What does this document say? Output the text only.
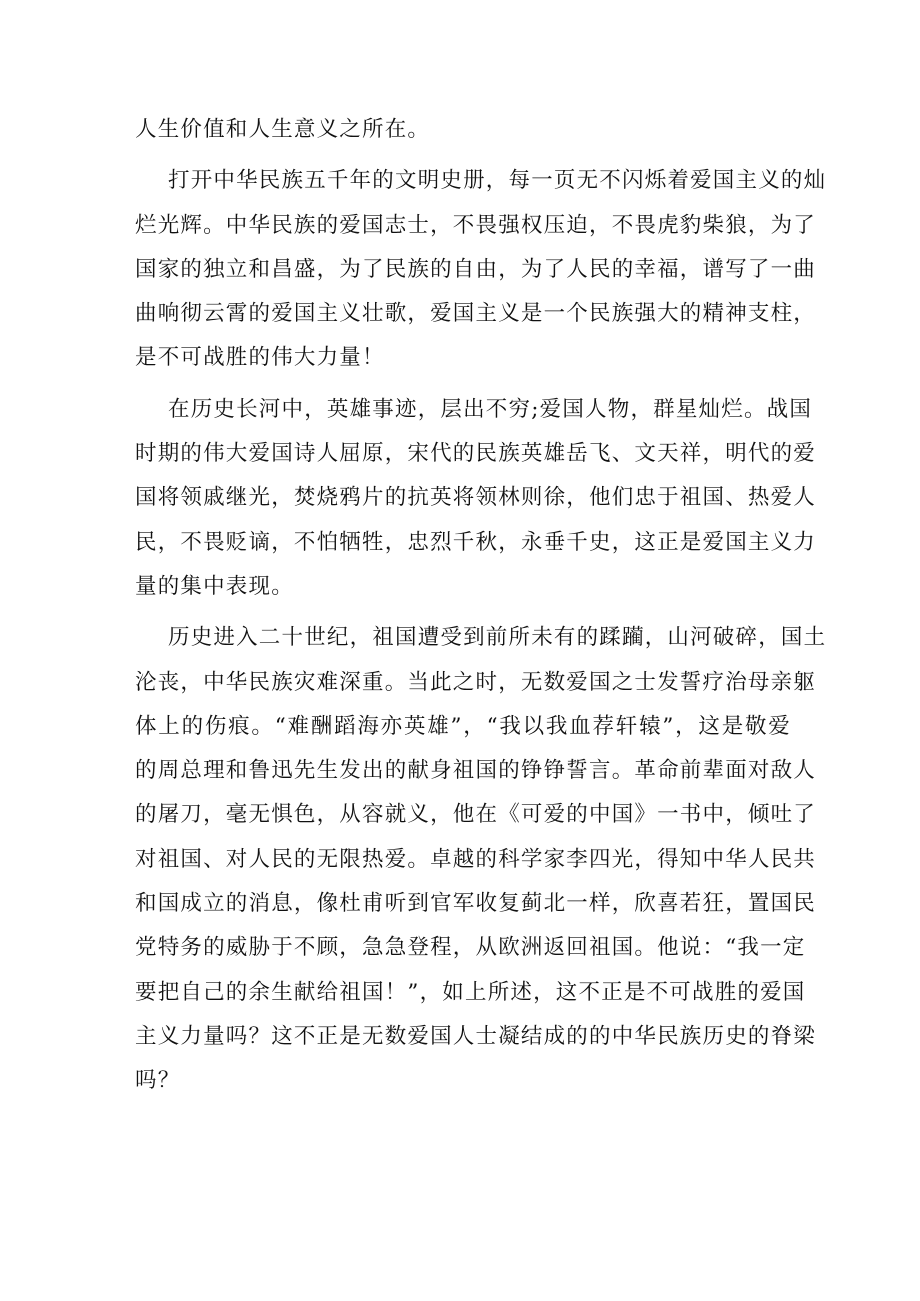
人生价值和人生意义之所在。
打开中华民族五千年的文明史册，每一页无不闪烁着爱国主义的灿
烂光辉。中华民族的爱国志士，不畏强权压迫，不畏虎豹柴狼，为了
国家的独立和昌盛，为了民族的自由，为了人民的幸福，谱写了一曲
曲响彻云霄的爱国主义壮歌，爱国主义是一个民族强大的精神支柱，
是不可战胜的伟大力量！
在历史长河中，英雄事迹，层出不穷;爱国人物，群星灿烂。战国
时期的伟大爱国诗人屈原，宋代的民族英雄岳飞、文天祥，明代的爱
国将领戚继光，焚烧鸦片的抗英将领林则徐，他们忠于祖国、热爱人
民，不畏贬谪，不怕牺牲，忠烈千秋，永垂千史，这正是爱国主义力
量的集中表现。
历史进入二十世纪，祖国遭受到前所未有的蹂躏，山河破碎，国土
沦丧，中华民族灾难深重。当此之时，无数爱国之士发誓疗治母亲躯
体上的伤痕。“难酬蹈海亦英雄”，“我以我血荐轩辕”，这是敬爱
的周总理和鲁迅先生发出的献身祖国的铮铮誓言。革命前辈面对敌人
的屠刀，毫无惧色，从容就义，他在《可爱的中国》一书中，倾吐了
对祖国、对人民的无限热爱。卓越的科学家李四光，得知中华人民共
和国成立的消息，像杜甫听到官军收复蓟北一样，欣喜若狂，置国民
党特务的威胁于不顾，急急登程，从欧洲返回祖国。他说：“我一定
要把自己的余生献给祖国！”，如上所述，这不正是不可战胜的爱国
主义力量吗？这不正是无数爱国人士凝结成的的中华民族历史的脊梁
吗？
